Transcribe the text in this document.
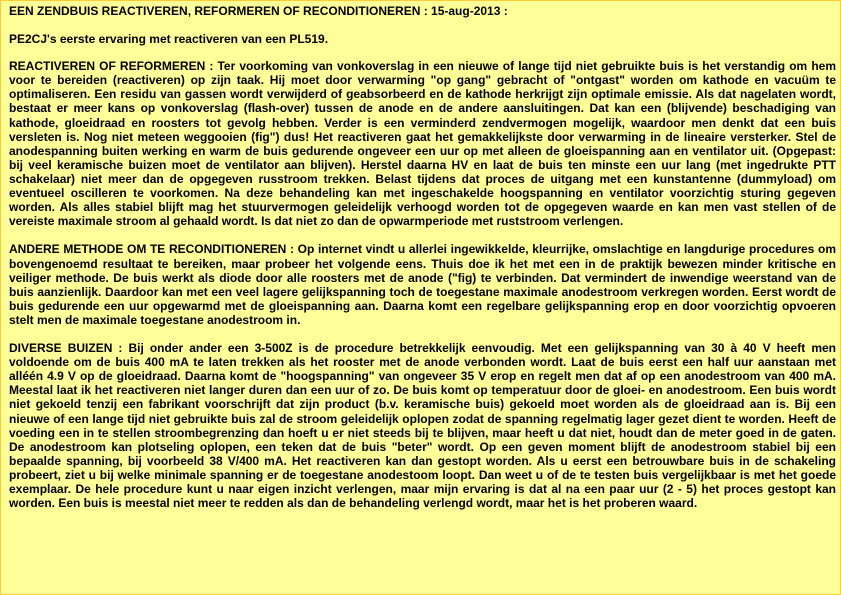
EEN ZENDBUIS REACTIVEREN, REFORMEREN OF RECONDITIONEREN : 15-aug-2013 :

PE2CJ's eerste ervaring met reactiveren van een PL519.

REACTIVEREN OF REFORMEREN : Ter voorkoming van vonkoverslag in een nieuwe of lange tijd niet gebruikte buis is het verstandig om hem voor te bereiden (reactiveren) op zijn taak. Hij moet door verwarming "op gang" gebracht of "ontgast" worden om kathode en vacuüm te optimaliseren. Een residu van gassen wordt verwijderd of geabsorbeerd en de kathode herkrijgt zijn optimale emissie. Als dat nagelaten wordt, bestaat er meer kans op vonkoverslag (flash-over) tussen de anode en de andere aansluitingen. Dat kan een (blijvende) beschadiging van kathode, gloeidraad en roosters tot gevolg hebben. Verder is een verminderd zendvermogen mogelijk, waardoor men denkt dat een buis versleten is. Nog niet meteen weggooien (fig") dus! Het reactiveren gaat het gemakkelijkste door verwarming in de lineaire versterker. Stel de anodespanning buiten werking en warm de buis gedurende ongeveer een uur op met alleen de gloeispanning aan en ventilator uit. (Opgepast: bij veel keramische buizen moet de ventilator aan blijven). Herstel daarna HV en laat de buis ten minste een uur lang (met ingedrukte PTT schakelaar) niet meer dan de opgegeven russtroom trekken. Belast tijdens dat proces de uitgang met een kunstantenne (dummyload) om eventueel oscilleren te voorkomen. Na deze behandeling kan met ingeschakelde hoogspanning en ventilator voorzichtig sturing gegeven worden. Als alles stabiel blijft mag het stuurvermogen geleidelijk verhoogd worden tot de opgegeven waarde en kan men vast stellen of de vereiste maximale stroom al gehaald wordt. Is dat niet zo dan de opwarmperiode met ruststroom verlengen.

ANDERE METHODE OM TE RECONDITIONEREN : Op internet vindt u allerlei ingewikkelde, kleurrijke, omslachtige en langdurige procedures om bovengenoemd resultaat te bereiken, maar probeer het volgende eens. Thuis doe ik het met een in de praktijk bewezen minder kritische en veiliger methode. De buis werkt als diode door alle roosters met de anode ("fig) te verbinden. Dat vermindert de inwendige weerstand van de buis aanzienlijk. Daardoor kan met een veel lagere gelijkspanning toch de toegestane maximale anodestroom verkregen worden. Eerst wordt de buis gedurende een uur opgewarmd met de gloeispanning aan. Daarna komt een regelbare gelijkspanning erop en door voorzichtig opvoeren stelt men de maximale toegestane anodestroom in.

DIVERSE BUIZEN : Bij onder ander een 3-500Z is de procedure betrekkelijk eenvoudig. Met een gelijkspanning van 30 à 40 V heeft men voldoende om de buis 400 mA te laten trekken als het rooster met de anode verbonden wordt. Laat de buis eerst een half uur aanstaan met alléén 4.9 V op de gloeidraad. Daarna komt de "hoogspanning" van ongeveer 35 V erop en regelt men dat af op een anodestroom van 400 mA. Meestal laat ik het reactiveren niet langer duren dan een uur of zo. De buis komt op temperatuur door de gloei- en anodestroom. Een buis wordt niet gekoeld tenzij een fabrikant voorschrijft dat zijn product (b.v. keramische buis) gekoeld moet worden als de gloeidraad aan is. Bij een nieuwe of een lange tijd niet gebruikte buis zal de stroom geleidelijk oplopen zodat de spanning regelmatig lager gezet dient te worden. Heeft de voeding een in te stellen stroombegrenzing dan hoeft u er niet steeds bij te blijven, maar heeft u dat niet, houdt dan de meter goed in de gaten. De anodestroom kan plotseling oplopen, een teken dat de buis "beter" wordt. Op een geven moment blijft de anodestroom stabiel bij een bepaalde spanning, bij voorbeeld 38 V/400 mA. Het reactiveren kan dan gestopt worden. Als u eerst een betrouwbare buis in de schakeling probeert, ziet u bij welke minimale spanning er de toegestane anodestoom loopt. Dan weet u of de te testen buis vergelijkbaar is met het goede exemplaar. De hele procedure kunt u naar eigen inzicht verlengen, maar mijn ervaring is dat al na een paar uur (2 - 5) het proces gestopt kan worden. Een buis is meestal niet meer te redden als dan de behandeling verlengd wordt, maar het is het proberen waard.
